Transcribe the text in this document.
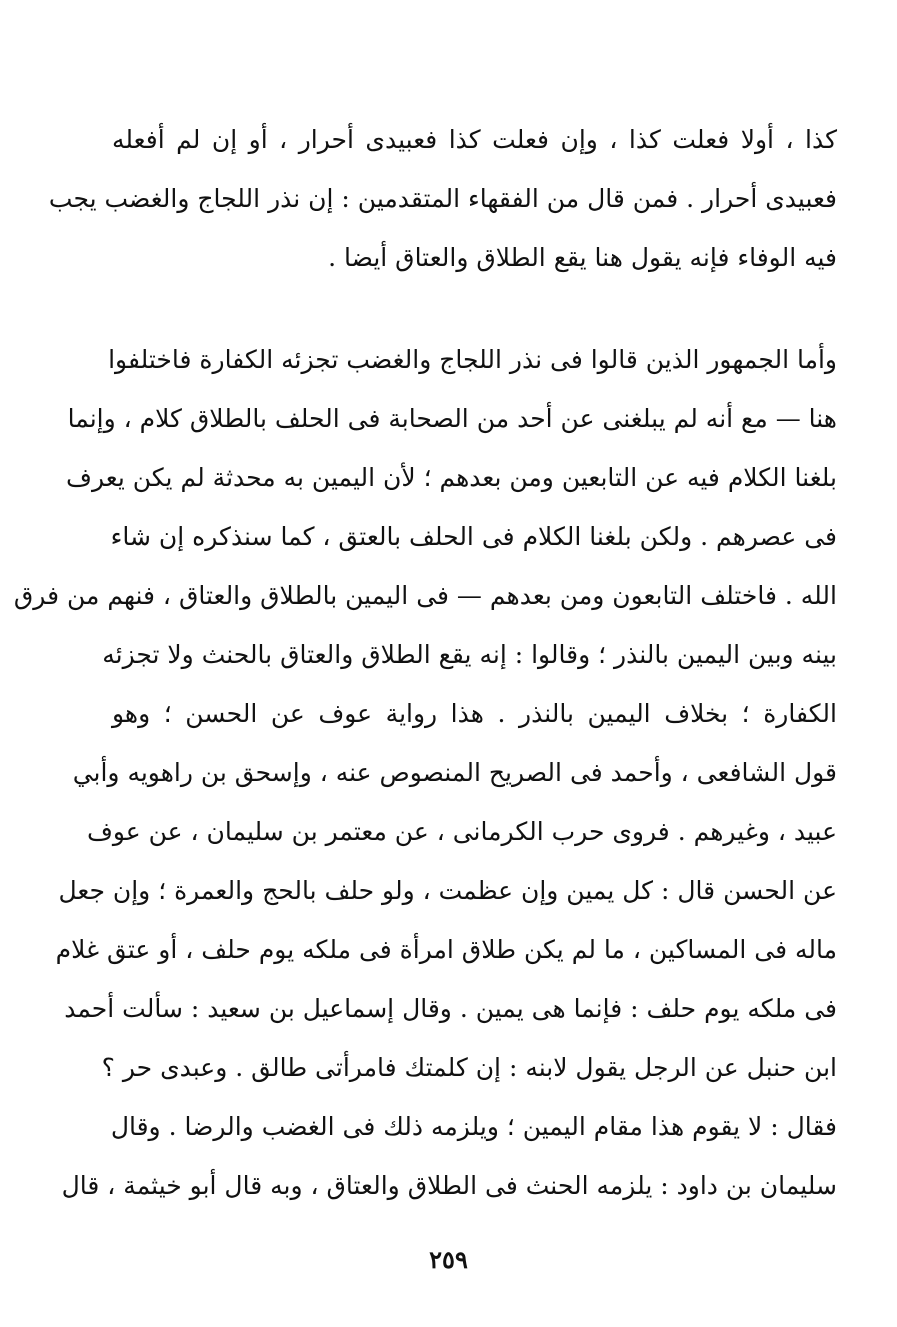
كذا ، أولا فعلت كذا ، وإن فعلت كذا فعبيدى أحرار ، أو إن لم أفعله
فعبيدى أحرار . فمن قال من الفقهاء المتقدمين : إن نذر اللجاج والغضب يجب
فيه الوفاء فإنه يقول هنا يقع الطلاق والعتاق أيضا .
وأما الجمهور الذين قالوا فى نذر اللجاج والغضب تجزئه الكفارة فاختلفوا
هنا — مع أنه لم يبلغنى عن أحد من الصحابة فى الحلف بالطلاق كلام ، وإنما
بلغنا الكلام فيه عن التابعين ومن بعدهم ؛ لأن اليمين به محدثة لم يكن يعرف
فى عصرهم . ولكن بلغنا الكلام فى الحلف بالعتق ، كما سنذكره إن شاء
الله . فاختلف التابعون ومن بعدهم — فى اليمين بالطلاق والعتاق ، فنهم من فرق
بينه وبين اليمين بالنذر ؛ وقالوا : إنه يقع الطلاق والعتاق بالحنث ولا تجزئه
الكفارة ؛ بخلاف اليمين بالنذر . هذا رواية عوف عن الحسن ؛ وهو
قول الشافعى ، وأحمد فى الصريح المنصوص عنه ، وإسحق بن راهويه وأبي
عبيد ، وغيرهم . فروى حرب الكرمانى ، عن معتمر بن سليمان ، عن عوف
عن الحسن قال : كل يمين وإن عظمت ، ولو حلف بالحج والعمرة ؛ وإن جعل
ماله فى المساكين ، ما لم يكن طلاق امرأة فى ملكه يوم حلف ، أو عتق غلام
فى ملكه يوم حلف : فإنما هى يمين . وقال إسماعيل بن سعيد : سألت أحمد
ابن حنبل عن الرجل يقول لابنه : إن كلمتك فامرأتى طالق . وعبدى حر ؟
فقال : لا يقوم هذا مقام اليمين ؛ ويلزمه ذلك فى الغضب والرضا . وقال
سليمان بن داود : يلزمه الحنث فى الطلاق والعتاق ، وبه قال أبو خيثمة ، قال
٢٥٩
